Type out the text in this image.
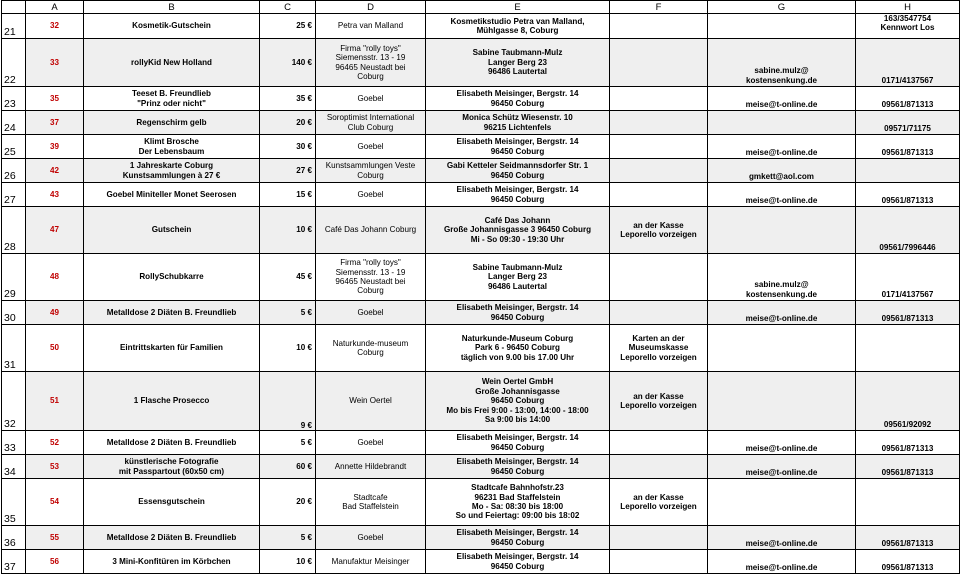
	A	B	C	D	E	F	G	H
21	32	Kosmetik-Gutschein	25 €	Petra van Malland	Kosmetikstudio Petra van Malland,
Mühlgasse 8, Coburg			163/3547754
Kennwort Los
22	33	rollyKid New Holland	140 €	Firma "rolly toys"
Siemensstr. 13 - 19
96465 Neustadt bei
Coburg	Sabine Taubmann-Mulz
Langer Berg 23
96486 Lautertal		sabine.mulz@
kostensenkung.de	0171/4137567
23	35	Teeset B. Freundlieb
"Prinz oder nicht"	35 €	Goebel	Elisabeth Meisinger, Bergstr. 14
96450 Coburg		meise@t-online.de	09561/871313
24	37	Regenschirm gelb	20 €	Soroptimist International
Club Coburg	Monica Schütz Wiesenstr. 10
96215 Lichtenfels			09571/71175
25	39	Klimt Brosche
Der Lebensbaum	30 €	Goebel	Elisabeth Meisinger, Bergstr. 14
96450 Coburg		meise@t-online.de	09561/871313
26	42	1 Jahreskarte Coburg
Kunstsammlungen à 27 €	27 €	Kunstsammlungen Veste
Coburg	Gabi Ketteler Seidmannsdorfer Str. 1
96450 Coburg		gmkett@aol.com	
27	43	Goebel Miniteller Monet Seerosen	15 €	Goebel	Elisabeth Meisinger, Bergstr. 14
96450 Coburg		meise@t-online.de	09561/871313
28	47	Gutschein	10 €	Café Das Johann Coburg	Café Das Johann
Große Johannisgasse 3 96450 Coburg
Mi - So 09:30 - 19:30 Uhr	an der Kasse
Leporello vorzeigen		09561/7996446
29	48	RollySchubkarre	45 €	Firma "rolly toys"
Siemensstr. 13 - 19
96465 Neustadt bei
Coburg	Sabine Taubmann-Mulz
Langer Berg 23
96486 Lautertal		sabine.mulz@
kostensenkung.de	0171/4137567
30	49	Metalldose 2 Diäten B. Freundlieb	5 €	Goebel	Elisabeth Meisinger, Bergstr. 14
96450 Coburg		meise@t-online.de	09561/871313
31	50	Eintrittskarten für Familien	10 €	Naturkunde-museum
Coburg	Naturkunde-Museum Coburg
Park 6 - 96450 Coburg
täglich von 9.00 bis 17.00 Uhr	Karten an der
Museumskasse
Leporello vorzeigen		
32	51	1 Flasche Prosecco	9 €	Wein Oertel	Wein Oertel GmbH
Große Johannisgasse
96450 Coburg
Mo bis Frei 9:00 - 13:00, 14:00 - 18:00
Sa 9:00 bis 14:00	an der Kasse
Leporello vorzeigen		09561/92092
33	52	Metalldose 2 Diäten B. Freundlieb	5 €	Goebel	Elisabeth Meisinger, Bergstr. 14
96450 Coburg		meise@t-online.de	09561/871313
34	53	künstlerische Fotografie
mit Passpartout (60x50 cm)	60 €	Annette Hildebrandt	Elisabeth Meisinger, Bergstr. 14
96450 Coburg		meise@t-online.de	09561/871313
35	54	Essensgutschein	20 €	Stadtcafe
Bad Staffelstein	Stadtcafe Bahnhofstr.23
96231 Bad Staffelstein
Mo - Sa: 08:30 bis 18:00
So und Feiertag: 09:00 bis 18:02	an der Kasse
Leporello vorzeigen		
36	55	Metalldose 2 Diäten B. Freundlieb	5 €	Goebel	Elisabeth Meisinger, Bergstr. 14
96450 Coburg		meise@t-online.de	09561/871313
37	56	3 Mini-Konfitüren im Körbchen	10 €	Manufaktur Meisinger	Elisabeth Meisinger, Bergstr. 14
96450 Coburg		meise@t-online.de	09561/871313
